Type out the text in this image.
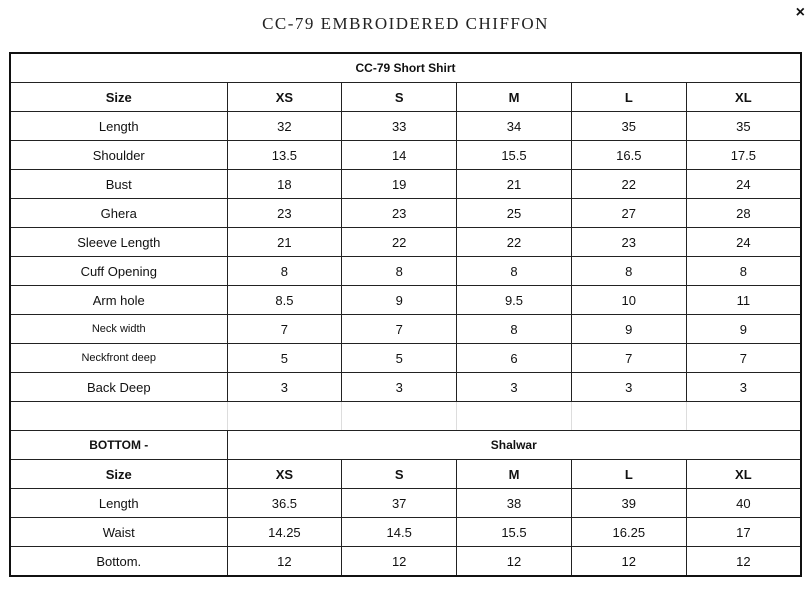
CC-79 EMBROIDERED CHIFFON
×
CC-79 Short Shirt					
Size	XS	S	M	L	XL
Length	32	33	34	35	35
Shoulder	13.5	14	15.5	16.5	17.5
Bust	18	19	21	22	24
Ghera	23	23	25	27	28
Sleeve Length	21	22	22	23	24
Cuff Opening	8	8	8	8	8
Arm hole	8.5	9	9.5	10	11
Neck width	7	7	8	9	9
Neckfront deep	5	5	6	7	7
Back Deep	3	3	3	3	3

BOTTOM -	Shalwar				
Size	XS	S	M	L	XL
Length	36.5	37	38	39	40
Waist	14.25	14.5	15.5	16.25	17
Bottom.	12	12	12	12	12
